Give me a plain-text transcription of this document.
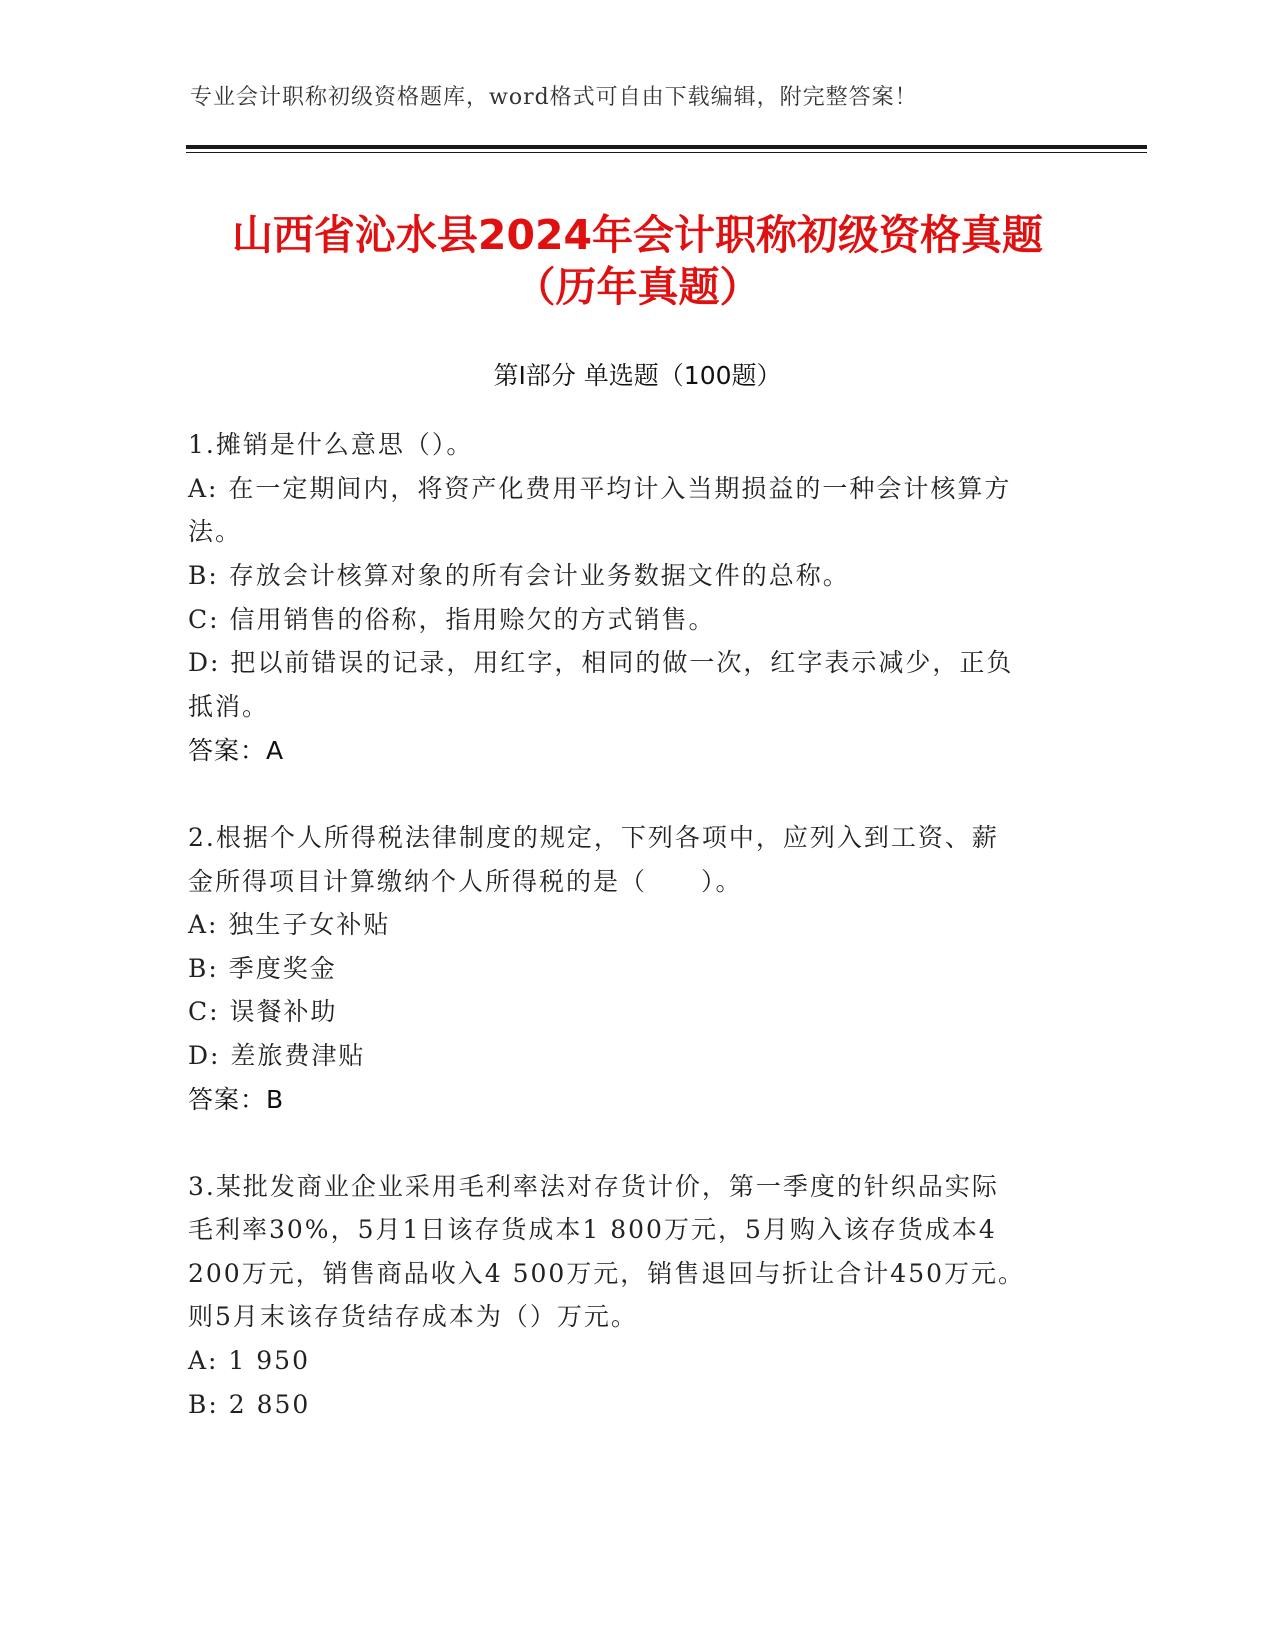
专业会计职称初级资格题库，word格式可自由下载编辑，附完整答案！
山西省沁水县2024年会计职称初级资格真题
（历年真题）
第Ⅰ部分 单选题（100题）
1.摊销是什么意思（）。
A: 在一定期间内，将资产化费用平均计入当期损益的一种会计核算方
法。
B: 存放会计核算对象的所有会计业务数据文件的总称。
C: 信用销售的俗称，指用赊欠的方式销售。
D: 把以前错误的记录，用红字，相同的做一次，红字表示减少，正负
抵消。
答案：A
2.根据个人所得税法律制度的规定，下列各项中，应列入到工资、薪
金所得项目计算缴纳个人所得税的是（　　）。
A: 独生子女补贴
B: 季度奖金
C: 误餐补助
D: 差旅费津贴
答案：B
3.某批发商业企业采用毛利率法对存货计价，第一季度的针织品实际
毛利率30%，5月1日该存货成本1 800万元，5月购入该存货成本4
200万元，销售商品收入4 500万元，销售退回与折让合计450万元。
则5月末该存货结存成本为（）万元。
A: 1 950
B: 2 850
